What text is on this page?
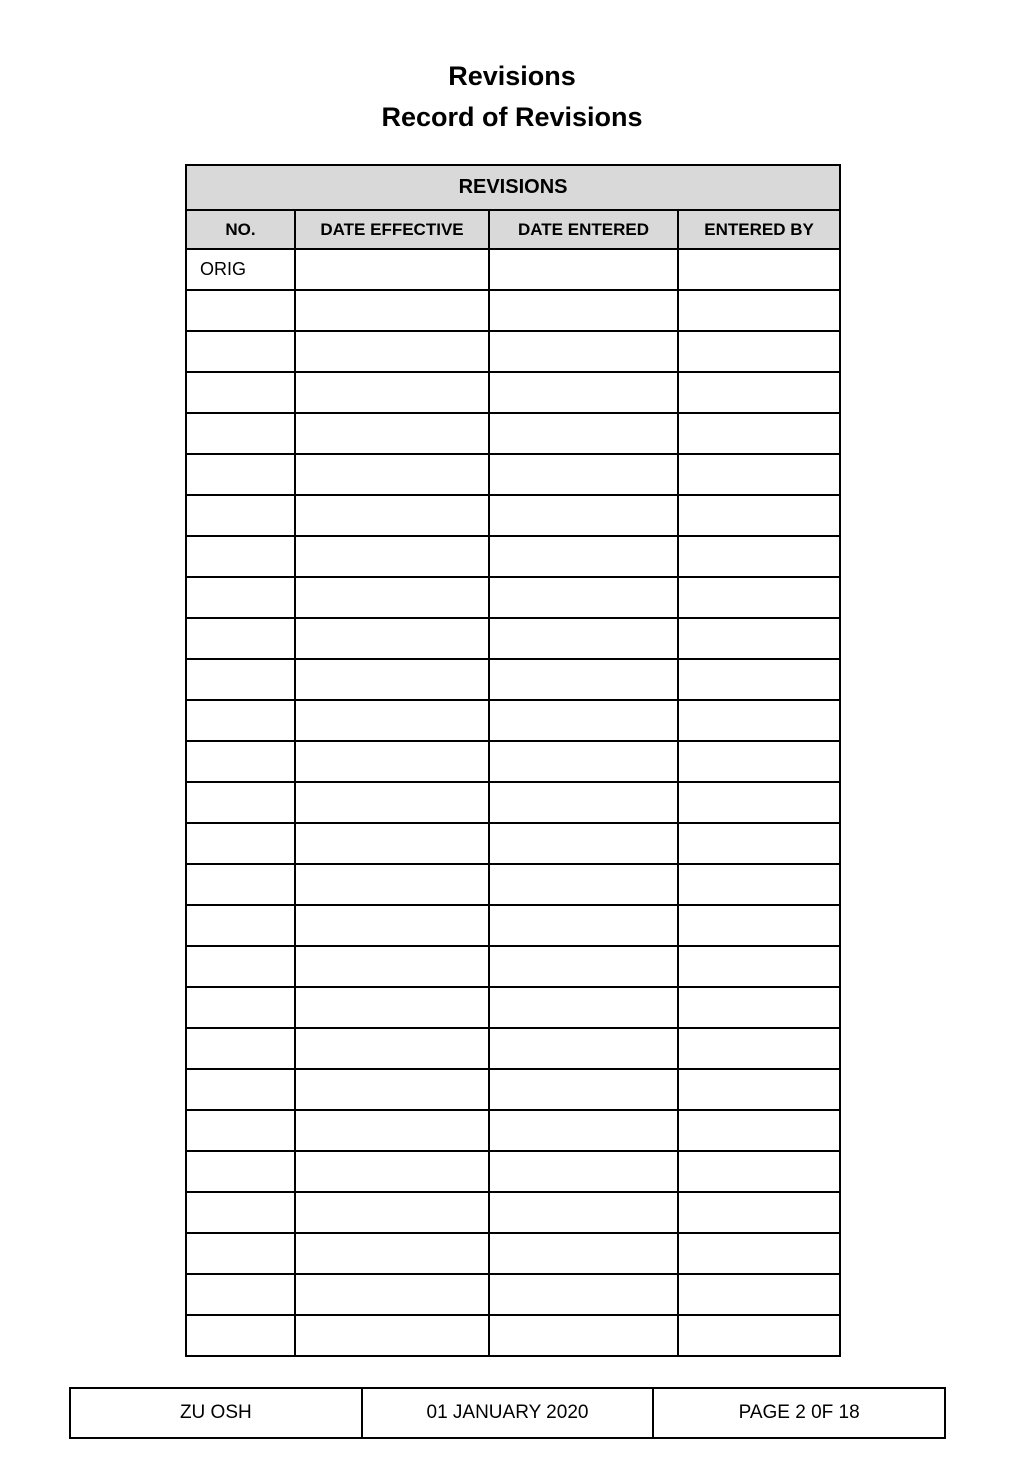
Revisions

Record of Revisions

REVISIONS			
NO.	DATE EFFECTIVE	DATE ENTERED	ENTERED BY
ORIG			

ZU OSH	01 JANUARY 2020	PAGE 2 0F 18
